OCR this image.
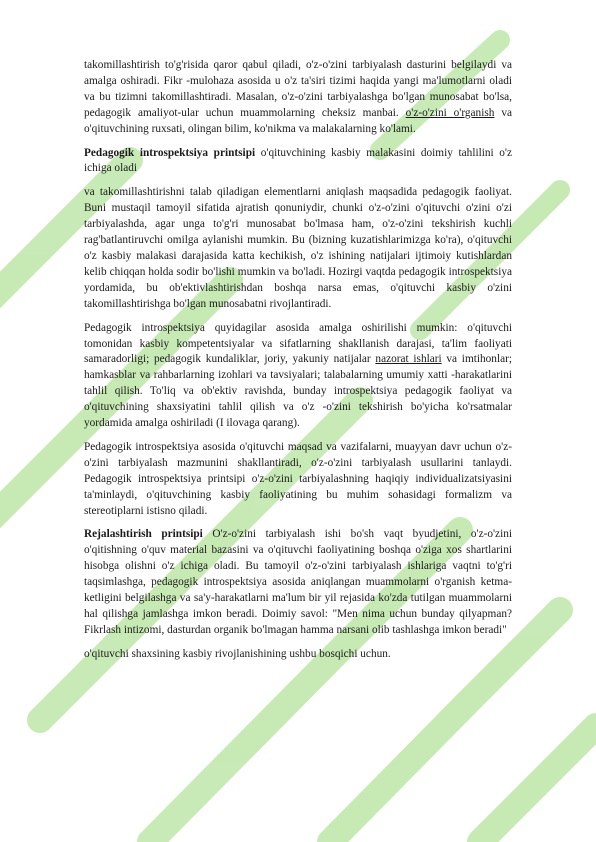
takomillashtirish to'g'risida qaror qabul qiladi, o'z-o'zini tarbiyalash dasturini belgilaydi va amalga oshiradi. Fikr -mulohaza asosida u o'z ta'siri tizimi haqida yangi ma'lumotlarni oladi va bu tizimni takomillashtiradi. Masalan, o'z-o'zini tarbiyalashga bo'lgan munosabat bo'lsa, pedagogik amaliyot-ular uchun muammolarning cheksiz manbai. o'z-o'zini o'rganish va o'qituvchining ruxsati, olingan bilim, ko'nikma va malakalarning ko'lami.

Pedagogik introspektsiya printsipi o'qituvchining kasbiy malakasini doimiy tahlilini o'z ichiga oladi

va takomillashtirishni talab qiladigan elementlarni aniqlash maqsadida pedagogik faoliyat. Buni mustaqil tamoyil sifatida ajratish qonuniydir, chunki o'z-o'zini o'qituvchi o'zini o'zi tarbiyalashda, agar unga to'g'ri munosabat bo'lmasa ham, o'z-o'zini tekshirish kuchli rag'batlantiruvchi omilga aylanishi mumkin. Bu (bizning kuzatishlarimizga ko'ra), o'qituvchi o'z kasbiy malakasi darajasida katta kechikish, o'z ishining natijalari ijtimoiy kutishlardan kelib chiqqan holda sodir bo'lishi mumkin va bo'ladi. Hozirgi vaqtda pedagogik introspektsiya yordamida, bu ob'ektivlashtirishdan boshqa narsa emas, o'qituvchi kasbiy o'zini takomillashtirishga bo'lgan munosabatni rivojlantiradi.

Pedagogik introspektsiya quyidagilar asosida amalga oshirilishi mumkin: o'qituvchi tomonidan kasbiy kompetentsiyalar va sifatlarning shakllanish darajasi, ta'lim faoliyati samaradorligi; pedagogik kundaliklar, joriy, yakuniy natijalar nazorat ishlari va imtihonlar; hamkasblar va rahbarlarning izohlari va tavsiyalari; talabalarning umumiy xatti -harakatlarini tahlil qilish. To'liq va ob'ektiv ravishda, bunday introspektsiya pedagogik faoliyat va o'qituvchining shaxsiyatini tahlil qilish va o'z -o'zini tekshirish bo'yicha ko'rsatmalar yordamida amalga oshiriladi (I ilovaga qarang).

Pedagogik introspektsiya asosida o'qituvchi maqsad va vazifalarni, muayyan davr uchun o'z-o'zini tarbiyalash mazmunini shakllantiradi, o'z-o'zini tarbiyalash usullarini tanlaydi. Pedagogik introspektsiya printsipi o'z-o'zini tarbiyalashning haqiqiy individualizatsiyasini ta'minlaydi, o'qituvchining kasbiy faoliyatining bu muhim sohasidagi formalizm va stereotiplarni istisno qiladi.

Rejalashtirish printsipi O'z-o'zini tarbiyalash ishi bo'sh vaqt byudjetini, o'z-o'zini o'qitishning o'quv material bazasini va o'qituvchi faoliyatining boshqa o'ziga xos shartlarini hisobga olishni o'z ichiga oladi. Bu tamoyil o'z-o'zini tarbiyalash ishlariga vaqtni to'g'ri taqsimlashga, pedagogik introspektsiya asosida aniqlangan muammolarni o'rganish ketma-ketligini belgilashga va sa'y-harakatlarni ma'lum bir yil rejasida ko'zda tutilgan muammolarni hal qilishga jamlashga imkon beradi. Doimiy savol: "Men nima uchun bunday qilyapman? Fikrlash intizomi, dasturdan organik bo'lmagan hamma narsani olib tashlashga imkon beradi"

o'qituvchi shaxsining kasbiy rivojlanishining ushbu bosqichi uchun.
